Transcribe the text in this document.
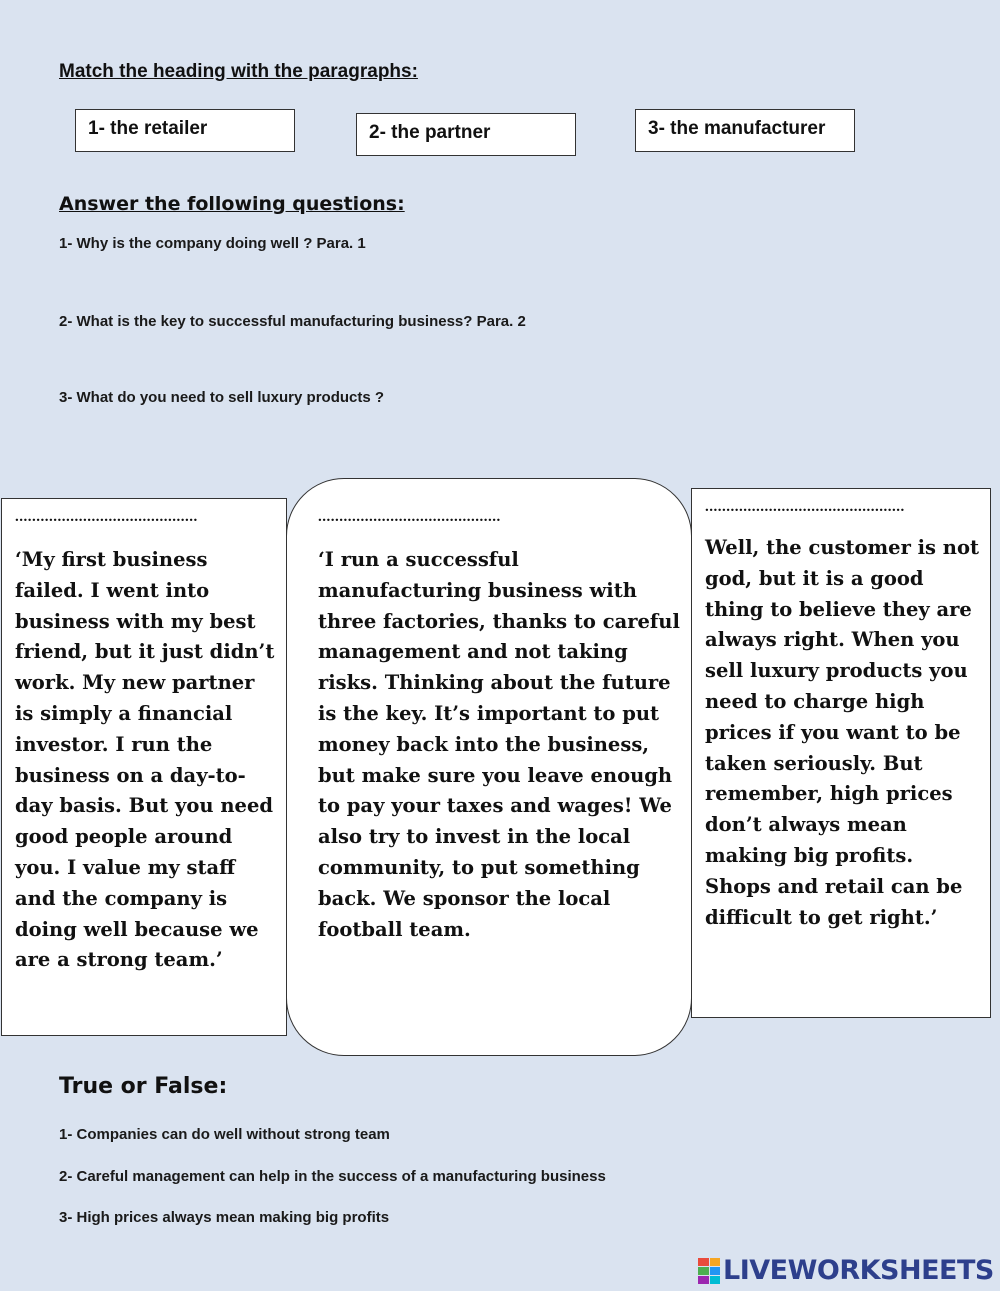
Match the heading with the paragraphs:
1- the retailer	2- the partner	3- the manufacturer
Answer the following questions:
1- Why is the company doing well ? Para. 1
2- What is the key to successful manufacturing business? Para. 2
3- What do you need to sell luxury products ?
...........................................
‘My first business failed. I went into business with my best friend, but it just didn’t work. My new partner is simply a financial investor. I run the business on a day-to-day basis. But you need good people around you. I value my staff and the company is doing well because we are a strong team.’
...........................................
‘I run a successful manufacturing business with three factories, thanks to careful management and not taking risks. Thinking about the future is the key. It’s important to put money back into the business, but make sure you leave enough to pay your taxes and wages! We also try to invest in the local community, to put something back. We sponsor the local football team.
...............................................
Well, the customer is not god, but it is a good thing to believe they are always right. When you sell luxury products you need to charge high prices if you want to be taken seriously. But remember, high prices don’t always mean making big profits. Shops and retail can be difficult to get right.’
True or False:
1- Companies can do well without strong team
2- Careful management can help in the success of a manufacturing business
3- High prices always mean making big profits
LIVEWORKSHEETS
